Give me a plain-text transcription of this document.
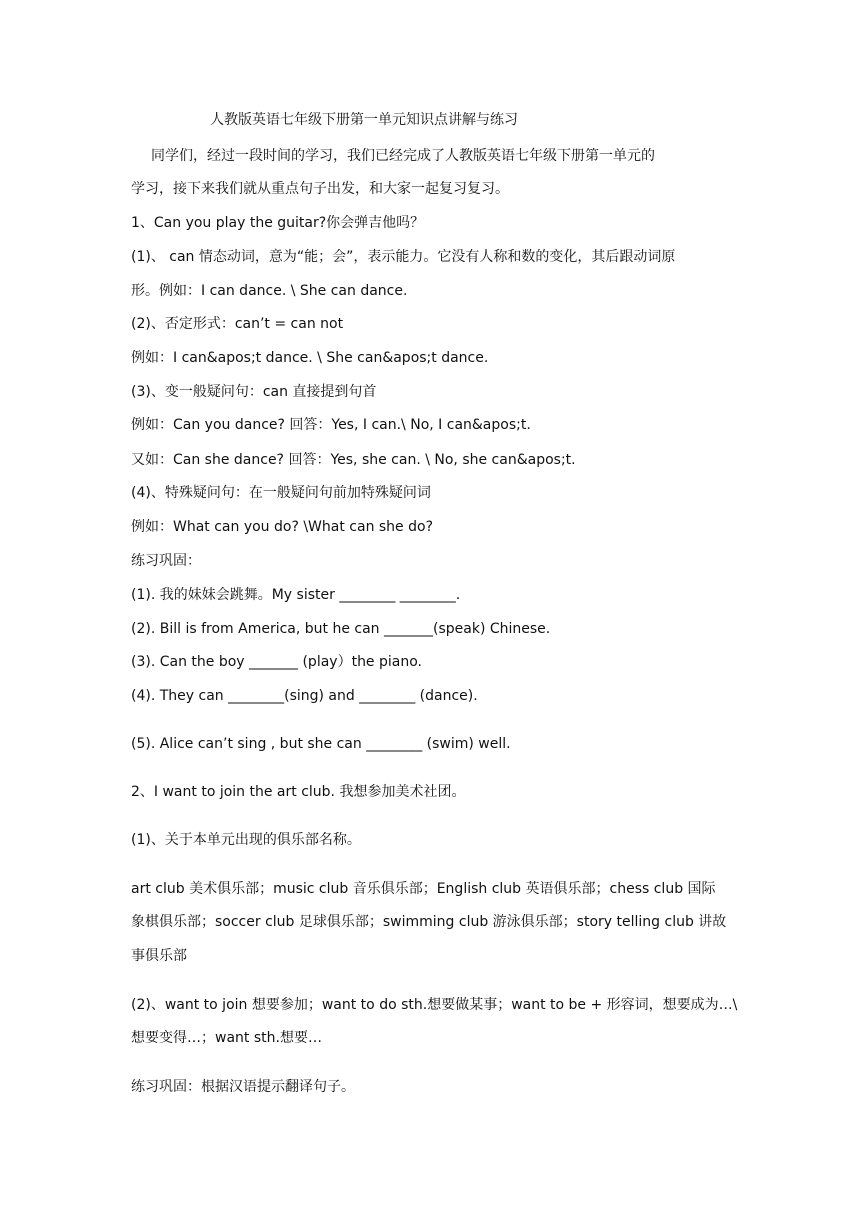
人教版英语七年级下册第一单元知识点讲解与练习
同学们，经过一段时间的学习，我们已经完成了人教版英语七年级下册第一单元的
学习，接下来我们就从重点句子出发，和大家一起复习复习。
1、Can you play the guitar?你会弹吉他吗？
(1)、 can 情态动词，意为“能；会”，表示能力。它没有人称和数的变化，其后跟动词原
形。例如：I can dance. \ She can dance.
(2)、否定形式：can’t = can not
例如：I can&apos;t dance. \ She can&apos;t dance.
(3)、变一般疑问句：can 直接提到句首
例如：Can you dance? 回答：Yes, I can.\ No, I can&apos;t.
又如：Can she dance? 回答：Yes, she can. \ No, she can&apos;t.
(4)、特殊疑问句：在一般疑问句前加特殊疑问词
例如：What can you do? \What can she do?
练习巩固：
(1). 我的妹妹会跳舞。My sister ________ ________.
(2). Bill is from America, but he can _______(speak) Chinese.
(3). Can the boy _______ (play）the piano.
(4). They can ________(sing) and ________ (dance).
(5). Alice can’t sing , but she can ________ (swim) well.
2、I want to join the art club. 我想参加美术社团。
(1)、关于本单元出现的俱乐部名称。
art club 美术俱乐部；music club 音乐俱乐部；English club 英语俱乐部；chess club 国际
象棋俱乐部；soccer club 足球俱乐部；swimming club 游泳俱乐部；story telling club 讲故
事俱乐部
(2)、want to join 想要参加；want to do sth.想要做某事；want to be + 形容词，想要成为…\
想要变得…；want sth.想要…
练习巩固：根据汉语提示翻译句子。
